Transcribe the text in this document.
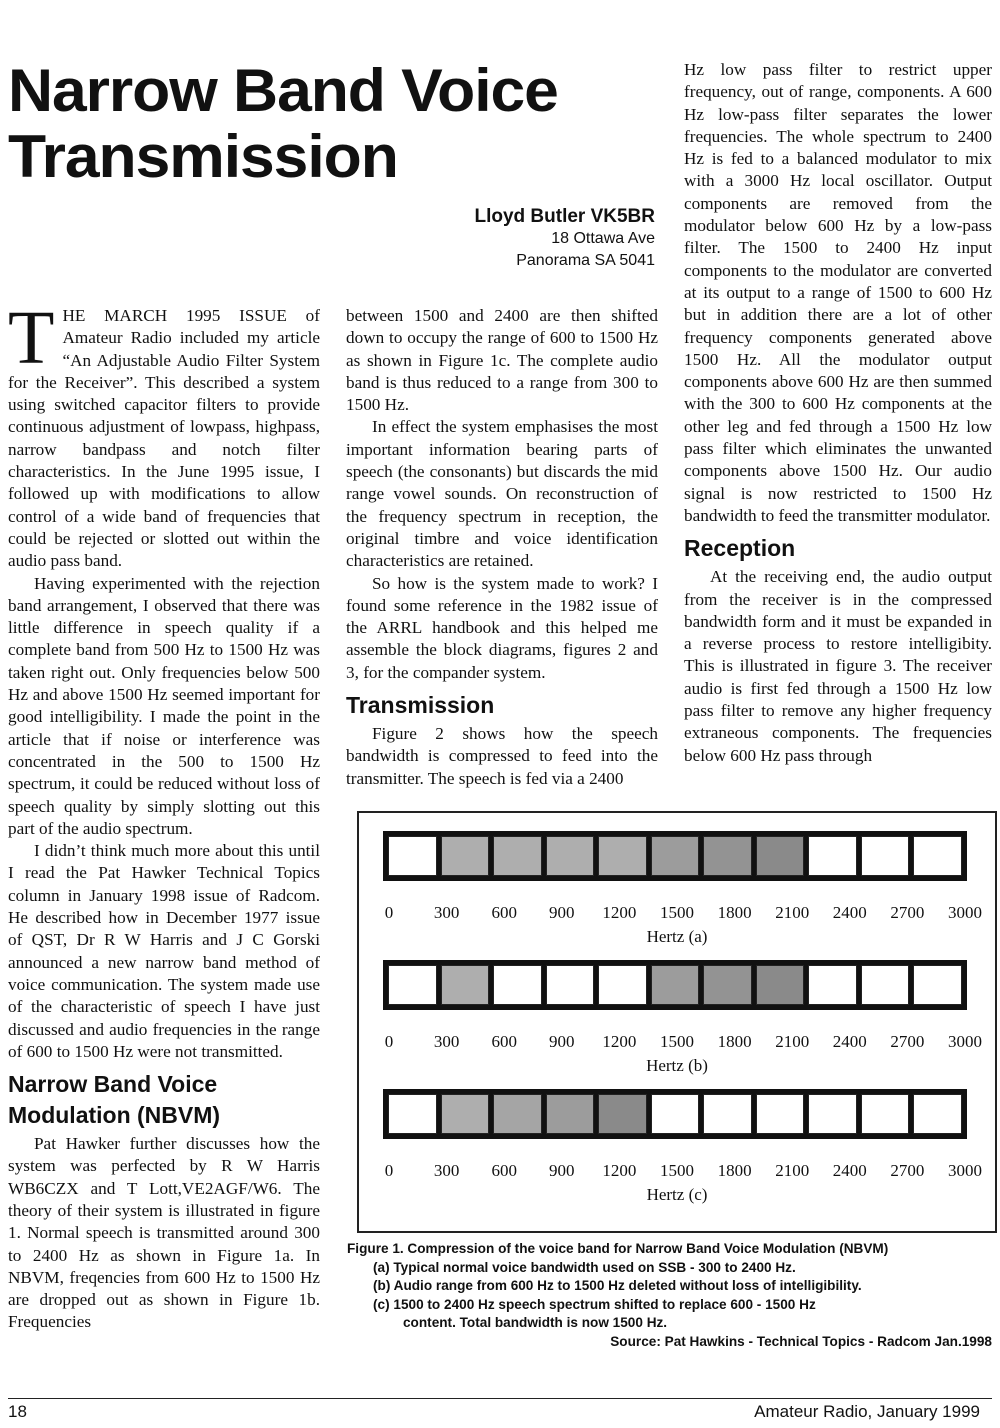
Narrow Band Voice Transmission
Lloyd Butler VK5BR
18 Ottawa Ave
Panorama SA 5041

THE MARCH 1995 ISSUE of Amateur Radio included my article “An Adjustable Audio Filter System for the Receiver”. This described a system using switched capacitor filters to provide continuous adjustment of lowpass, highpass, narrow bandpass and notch filter characteristics. In the June 1995 issue, I followed up with modifications to allow control of a wide band of frequencies that could be rejected or slotted out within the audio pass band.

Having experimented with the rejection band arrangement, I observed that there was little difference in speech quality if a complete band from 500 Hz to 1500 Hz was taken right out. Only frequencies below 500 Hz and above 1500 Hz seemed important for good intelligibility. I made the point in the article that if noise or interference was concentrated in the 500 to 1500 Hz spectrum, it could be reduced without loss of speech quality by simply slotting out this part of the audio spectrum.

I didn’t think much more about this until I read the Pat Hawker Technical Topics column in January 1998 issue of Radcom. He described how in December 1977 issue of QST, Dr R W Harris and J C Gorski announced a new narrow band method of voice communication. The system made use of the characteristic of speech I have just discussed and audio frequencies in the range of 600 to 1500 Hz were not transmitted.

Narrow Band Voice Modulation (NBVM)

Pat Hawker further discusses how the system was perfected by R W Harris WB6CZX and T Lott,VE2AGF/W6. The theory of their system is illustrated in figure 1. Normal speech is transmitted around 300 to 2400 Hz as shown in Figure 1a. In NBVM, freqencies from 600 Hz to 1500 Hz are dropped out as shown in Figure 1b. Frequencies

between 1500 and 2400 are then shifted down to occupy the range of 600 to 1500 Hz as shown in Figure 1c. The complete audio band is thus reduced to a range from 300 to 1500 Hz.

In effect the system emphasises the most important information bearing parts of speech (the consonants) but discards the mid range vowel sounds. On reconstruction of the frequency spectrum in reception, the original timbre and voice identification characteristics are retained.

So how is the system made to work? I found some reference in the 1982 issue of the ARRL handbook and this helped me assemble the block diagrams, figures 2 and 3, for the compander system.

Transmission

Figure 2 shows how the speech bandwidth is compressed to feed into the transmitter. The speech is fed via a 2400

Hz low pass filter to restrict upper frequency, out of range, components. A 600 Hz low-pass filter separates the lower frequencies. The whole spectrum to 2400 Hz is fed to a balanced modulator to mix with a 3000 Hz local oscillator. Output components are removed from the modulator below 600 Hz by a low-pass filter. The 1500 to 2400 Hz input components to the modulator are converted at its output to a range of 1500 to 600 Hz but in addition there are a lot of other frequency components generated above 1500 Hz. All the modulator output components above 600 Hz are then summed with the 300 to 600 Hz components at the other leg and fed through a 1500 Hz low pass filter which eliminates the unwanted components above 1500 Hz. Our audio signal is now restricted to 1500 Hz bandwidth to feed the transmitter modulator.

Reception

At the receiving end, the audio output from the receiver is in the compressed bandwidth form and it must be expanded in a reverse process to restore intelligibity. This is illustrated in figure 3. The receiver audio is first fed through a 1500 Hz low pass filter to remove any higher frequency extraneous components. The frequencies below 600 Hz pass through

0 300 600 900 1200 1500 1800 2100 2400 2700 3000
Hertz (a)
0 300 600 900 1200 1500 1800 2100 2400 2700 3000
Hertz (b)
0 300 600 900 1200 1500 1800 2100 2400 2700 3000
Hertz (c)
Figure 1. Compression of the voice band for Narrow Band Voice Modulation (NBVM)
(a) Typical normal voice bandwidth used on SSB - 300 to 2400 Hz.
(b) Audio range from 600 Hz to 1500 Hz deleted without loss of intelligibility.
(c) 1500 to 2400 Hz speech spectrum shifted to replace 600 - 1500 Hz
content. Total bandwidth is now 1500 Hz.
Source: Pat Hawkins - Technical Topics - Radcom Jan.1998
18	Amateur Radio, January 1999
